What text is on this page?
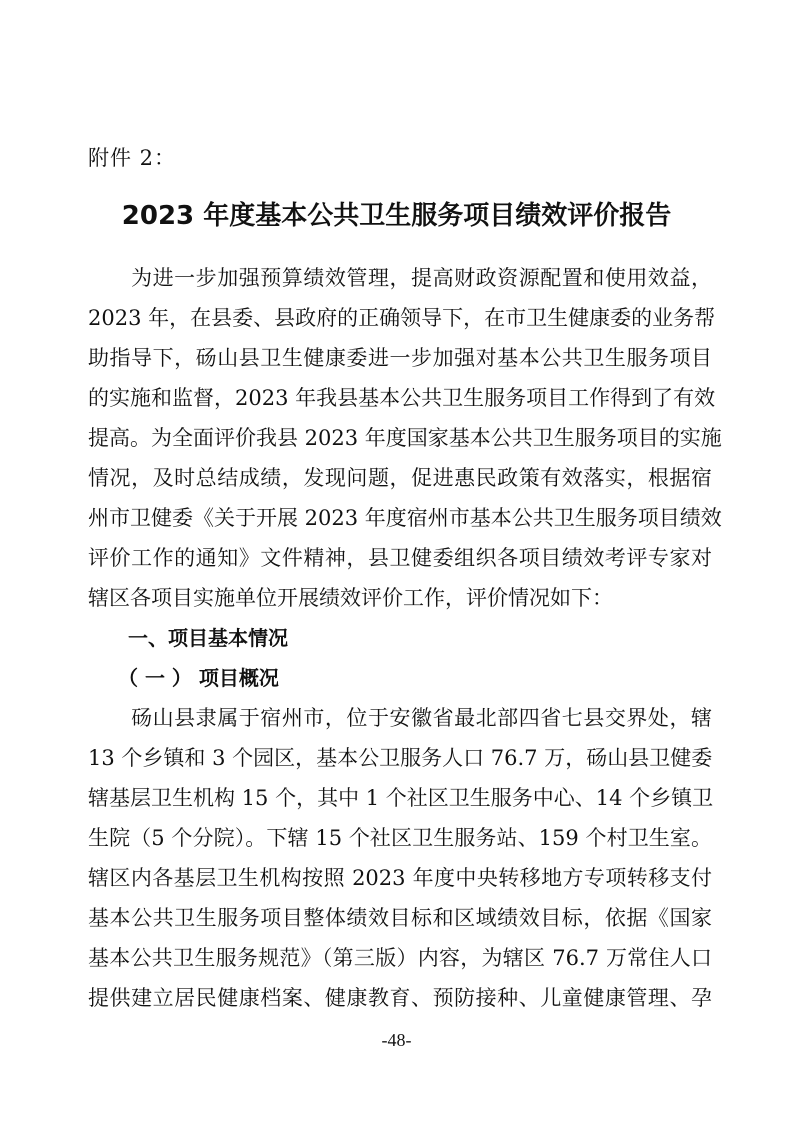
附件 2：
2023 年度基本公共卫生服务项目绩效评价报告
　　为进一步加强预算绩效管理，提高财政资源配置和使用效益，
2023 年，在县委、县政府的正确领导下，在市卫生健康委的业务帮
助指导下，砀山县卫生健康委进一步加强对基本公共卫生服务项目
的实施和监督，2023 年我县基本公共卫生服务项目工作得到了有效
提高。为全面评价我县 2023 年度国家基本公共卫生服务项目的实施
情况，及时总结成绩，发现问题，促进惠民政策有效落实，根据宿
州市卫健委《关于开展 2023 年度宿州市基本公共卫生服务项目绩效
评价工作的通知》文件精神，县卫健委组织各项目绩效考评专家对
辖区各项目实施单位开展绩效评价工作，评价情况如下：
　　一、项目基本情况
　　（ 一 ） 项目概况
　　砀山县隶属于宿州市，位于安徽省最北部四省七县交界处，辖
13 个乡镇和 3 个园区，基本公卫服务人口 76.7 万，砀山县卫健委
辖基层卫生机构 15 个，其中 1 个社区卫生服务中心、14 个乡镇卫
生院（5 个分院）。下辖 15 个社区卫生服务站、159 个村卫生室。
辖区内各基层卫生机构按照 2023 年度中央转移地方专项转移支付
基本公共卫生服务项目整体绩效目标和区域绩效目标，依据《国家
基本公共卫生服务规范》（第三版）内容，为辖区 76.7 万常住人口
提供建立居民健康档案、健康教育、预防接种、儿童健康管理、孕
-48-
